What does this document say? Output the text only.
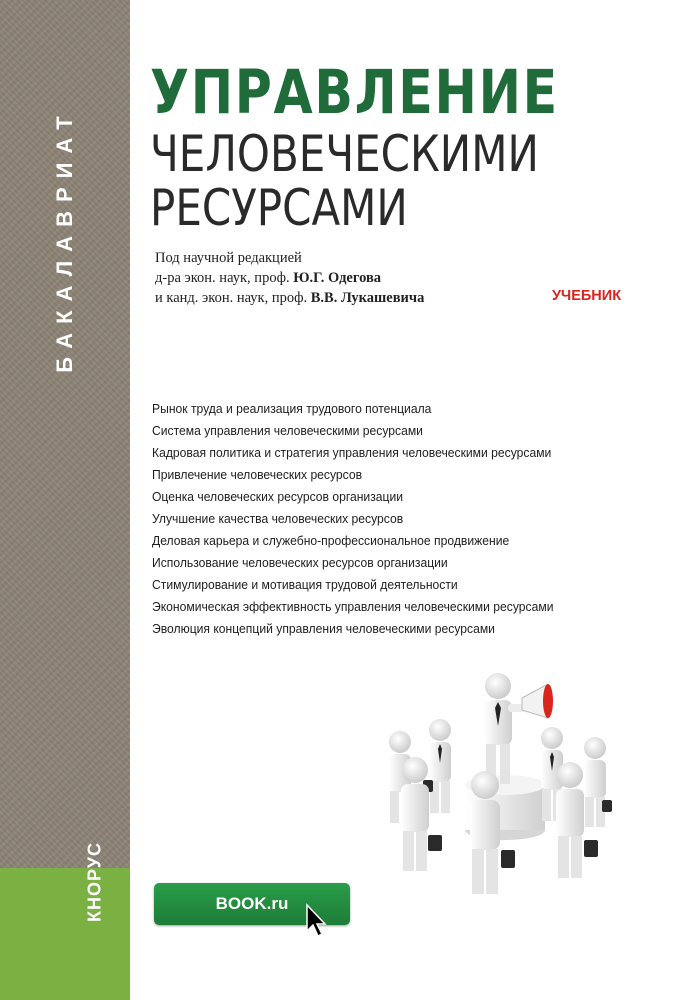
БАКАЛАВРИАТ
КНОРУС
УПРАВЛЕНИЕ
ЧЕЛОВЕЧЕСКИМИ
РЕСУРСАМИ
Под научной редакцией
д-ра экон. наук, проф. Ю.Г. Одегова
и канд. экон. наук, проф. В.В. Лукашевича	УЧЕБНИК
Рынок труда и реализация трудового потенциала
Система управления человеческими ресурсами
Кадровая политика и стратегия управления человеческими ресурсами
Привлечение человеческих ресурсов
Оценка человеческих ресурсов организации
Улучшение качества человеческих ресурсов
Деловая карьера и служебно-профессиональное продвижение
Использование человеческих ресурсов организации
Стимулирование и мотивация трудовой деятельности
Экономическая эффективность управления человеческими ресурсами
Эволюция концепций управления человеческими ресурсами
BOOK.ru
